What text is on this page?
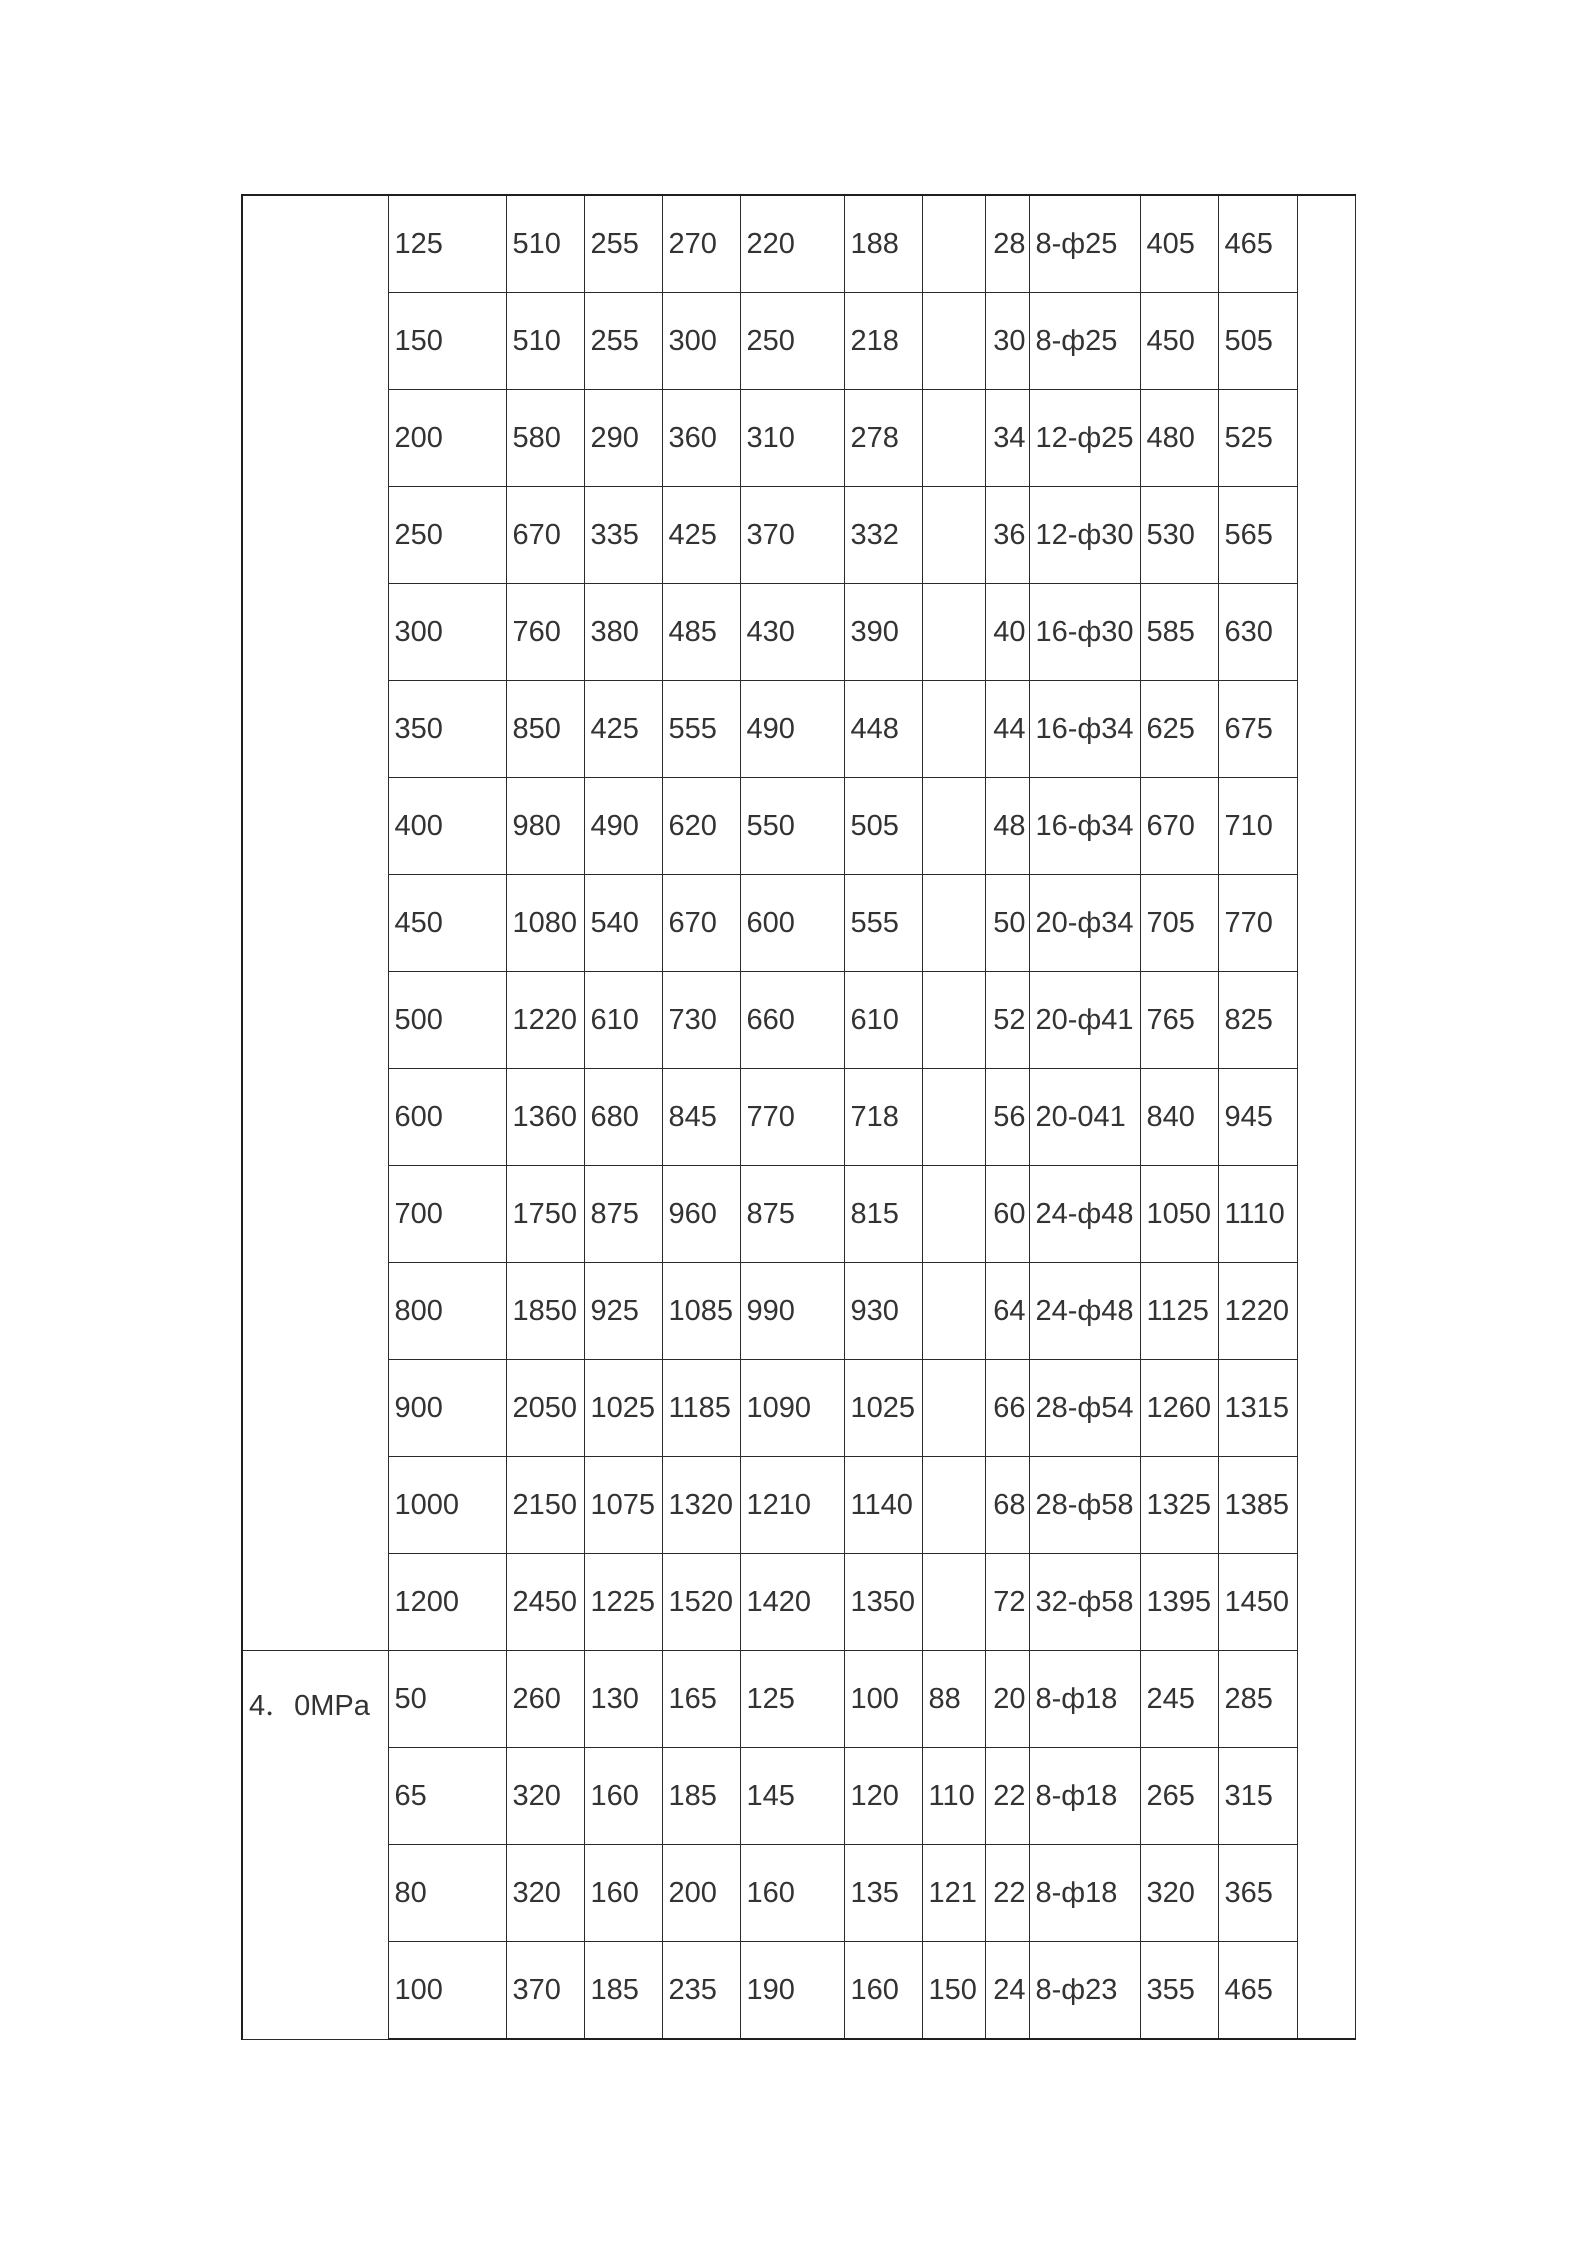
	125	510	255	270	220	188		28	8-ф25	405	465	
	150	510	255	300	250	218		30	8-ф25	450	505	
	200	580	290	360	310	278		34	12-ф25	480	525	
	250	670	335	425	370	332		36	12-ф30	530	565	
	300	760	380	485	430	390		40	16-ф30	585	630	
	350	850	425	555	490	448		44	16-ф34	625	675	
	400	980	490	620	550	505		48	16-ф34	670	710	
	450	1080	540	670	600	555		50	20-ф34	705	770	
	500	1220	610	730	660	610		52	20-ф41	765	825	
	600	1360	680	845	770	718		56	20-041	840	945	
	700	1750	875	960	875	815		60	24-ф48	1050	1110	
	800	1850	925	1085	990	930		64	24-ф48	1125	1220	
	900	2050	1025	1185	1090	1025		66	28-ф54	1260	1315	
	1000	2150	1075	1320	1210	1140		68	28-ф58	1325	1385	
	1200	2450	1225	1520	1420	1350		72	32-ф58	1395	1450	
4．0MPa	50	260	130	165	125	100	88	20	8-ф18	245	285	
	65	320	160	185	145	120	110	22	8-ф18	265	315	
	80	320	160	200	160	135	121	22	8-ф18	320	365	
	100	370	185	235	190	160	150	24	8-ф23	355	465	
